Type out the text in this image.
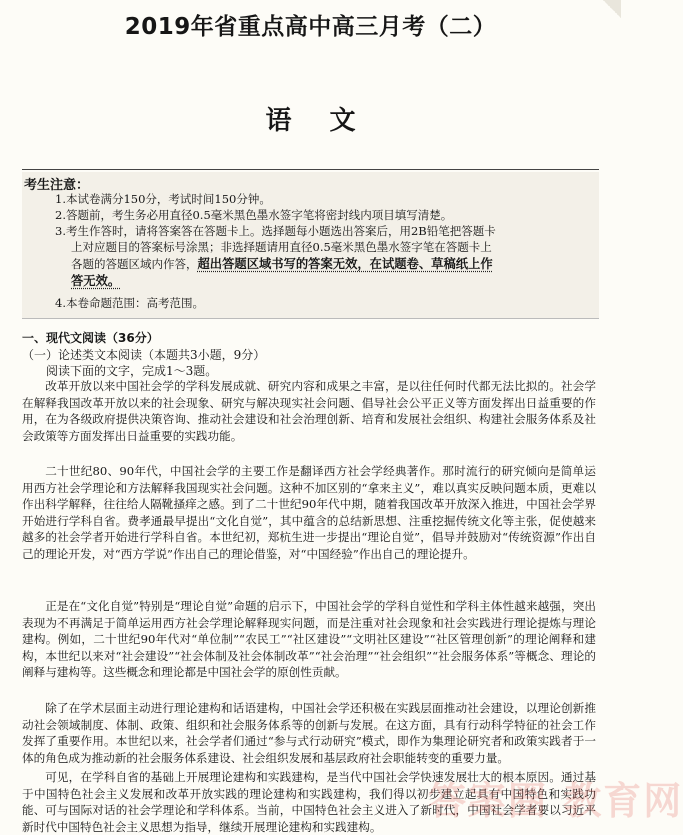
2019年省重点高中高三月考（二）
语文
考生注意：
1.本试卷满分150分，考试时间150分钟。
2.答题前，考生务必用直径0.5毫米黑色墨水签字笔将密封线内项目填写清楚。
3.考生作答时，请将答案答在答题卡上。选择题每小题选出答案后，用2B铅笔把答题卡
上对应题目的答案标号涂黑；非选择题请用直径0.5毫米黑色墨水签字笔在答题卡上
各题的答题区域内作答，超出答题区域书写的答案无效，在试题卷、草稿纸上作
答无效。
4.本卷命题范围：高考范围。
一、现代文阅读（36分）
（一）论述类文本阅读（本题共3小题，9分）
阅读下面的文字，完成1～3题。
改革开放以来中国社会学的学科发展成就、研究内容和成果之丰富，是以往任何时代都无法比拟的。社会学在解释我国改革开放以来的社会现象、研究与解决现实社会问题、倡导社会公平正义等方面发挥出日益重要的作用，在为各级政府提供决策咨询、推动社会建设和社会治理创新、培育和发展社会组织、构建社会服务体系及社会政策等方面发挥出日益重要的实践功能。
二十世纪80、90年代，中国社会学的主要工作是翻译西方社会学经典著作。那时流行的研究倾向是简单运用西方社会学理论和方法解释我国现实社会问题。这种不加区别的“拿来主义”，难以真实反映问题本质，更难以作出科学解释，往往给人隔靴搔痒之感。到了二十世纪90年代中期，随着我国改革开放深入推进，中国社会学界开始进行学科自省。费孝通最早提出“文化自觉”，其中蕴含的总结新思想、注重挖掘传统文化等主张，促使越来越多的社会学者开始进行学科自省。本世纪初，郑杭生进一步提出“理论自觉”，倡导并鼓励对“传统资源”作出自己的理论开发，对“西方学说”作出自己的理论借鉴，对“中国经验”作出自己的理论提升。
正是在“文化自觉”特别是“理论自觉”命题的启示下，中国社会学的学科自觉性和学科主体性越来越强，突出表现为不再满足于简单运用西方社会学理论解释现实问题，而是注重对社会现象和社会实践进行理论提炼与理论建构。例如，二十世纪90年代对“单位制”“农民工”“社区建设”“文明社区建设”“社区管理创新”的理论阐释和建构，本世纪以来对“社会建设”“社会体制及社会体制改革”“社会治理”“社会组织”“社会服务体系”等概念、理论的阐释与建构等。这些概念和理论都是中国社会学的原创性贡献。
除了在学术层面主动进行理论建构和话语建构，中国社会学还积极在实践层面推动社会建设，以理论创新推动社会领域制度、体制、政策、组织和社会服务体系等的创新与发展。在这方面，具有行动科学特征的社会工作发挥了重要作用。本世纪以来，社会学者们通过“参与式行动研究”模式，即作为集理论研究者和政策实践者于一体的角色成为推动新的社会服务体系建设、社会组织发展和基层政府社会职能转变的重要力量。
可见，在学科自省的基础上开展理论建构和实践建构，是当代中国社会学快速发展壮大的根本原因。通过基于中国特色社会主义发展和改革开放实践的理论建构和实践建构，我们得以初步建立起具有中国特色和实践功能、可与国际对话的社会学理论和学科体系。当前，中国特色社会主义进入了新时代，中国社会学者要以习近平新时代中国特色社会主义思想为指导，继续开展理论建构和实践建构。
答案圈 教育网
